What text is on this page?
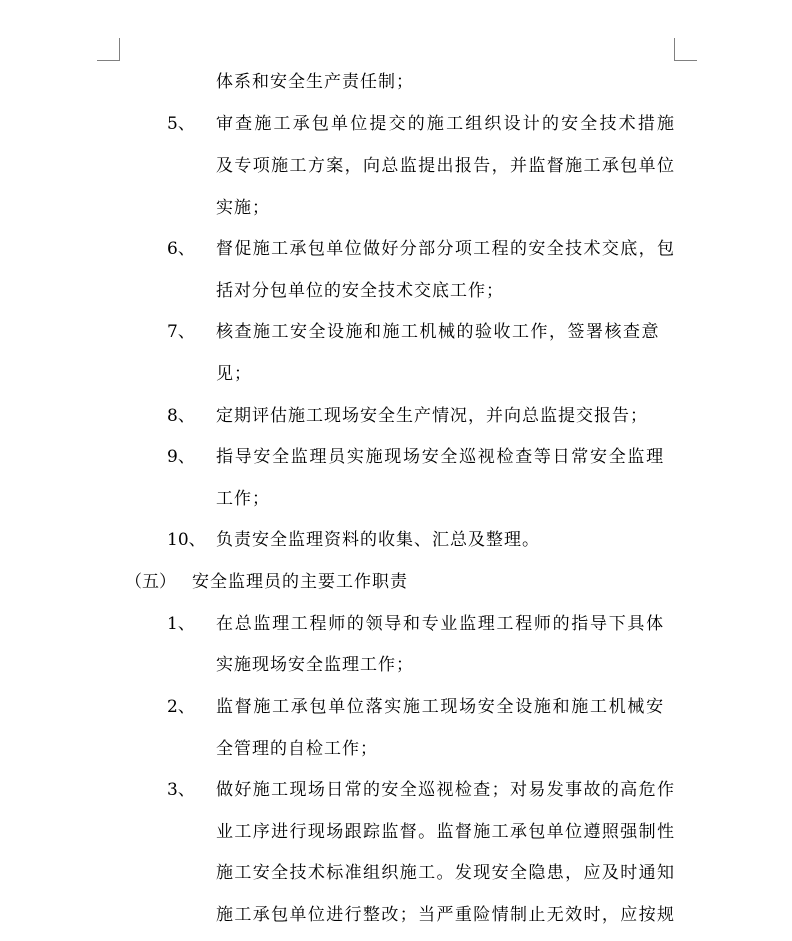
体系和安全生产责任制；
5、 审查施工承包单位提交的施工组织设计的安全技术措施
及专项施工方案，向总监提出报告，并监督施工承包单位
实施；
6、 督促施工承包单位做好分部分项工程的安全技术交底，包
括对分包单位的安全技术交底工作；
7、 核查施工安全设施和施工机械的验收工作，签署核查意
见；
8、 定期评估施工现场安全生产情况，并向总监提交报告；
9、 指导安全监理员实施现场安全巡视检查等日常安全监理
工作；
10、 负责安全监理资料的收集、汇总及整理。
（五） 安全监理员的主要工作职责
1、 在总监理工程师的领导和专业监理工程师的指导下具体
实施现场安全监理工作；
2、 监督施工承包单位落实施工现场安全设施和施工机械安
全管理的自检工作；
3、 做好施工现场日常的安全巡视检查；对易发事故的高危作
业工序进行现场跟踪监督。监督施工承包单位遵照强制性
施工安全技术标准组织施工。发现安全隐患，应及时通知
施工承包单位进行整改；当严重险情制止无效时，应按规
